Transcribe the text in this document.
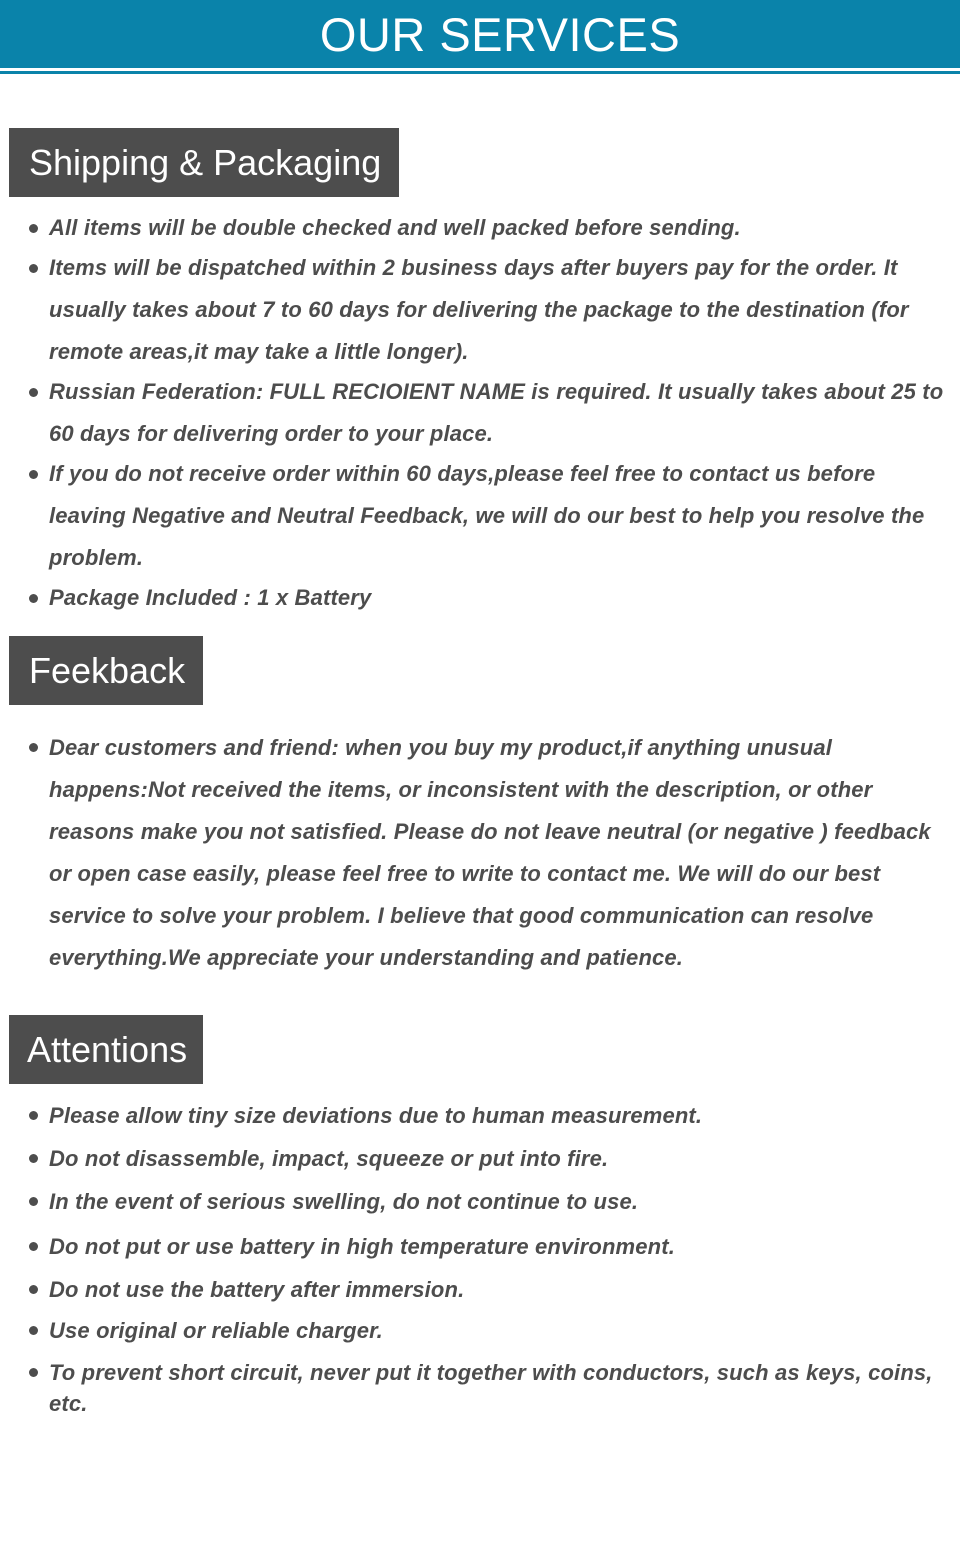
OUR SERVICES
Shipping & Packaging
All items will be double checked and well packed before sending.
Items will be dispatched within 2 business days after buyers pay for the order. It usually takes about 7 to 60 days for delivering the package to the destination (for remote areas,it may take a little longer).
Russian Federation: FULL RECIOIENT NAME is required. It usually takes about 25 to 60 days for delivering order to your place.
If you do not receive order within 60 days,please feel free to contact us before leaving Negative and Neutral Feedback, we will do our best to help you resolve the problem.
Package Included : 1 x Battery
Feekback
Dear customers and friend: when you buy my product,if anything unusual happens:Not received the items, or inconsistent with the description, or other reasons make you not satisfied. Please do not leave neutral (or negative ) feedback or open case easily, please feel free to write to contact me. We will do our best service to solve your problem. I believe that good communication can resolve everything.We appreciate your understanding and patience.
Attentions
Please allow tiny size deviations due to human measurement.
Do not disassemble, impact, squeeze or put into fire.
In the event of serious swelling, do not continue to use.
Do not put or use battery in high temperature environment.
Do not use the battery after immersion.
Use original or reliable charger.
To prevent short circuit, never put it together with conductors, such as keys, coins, etc.
